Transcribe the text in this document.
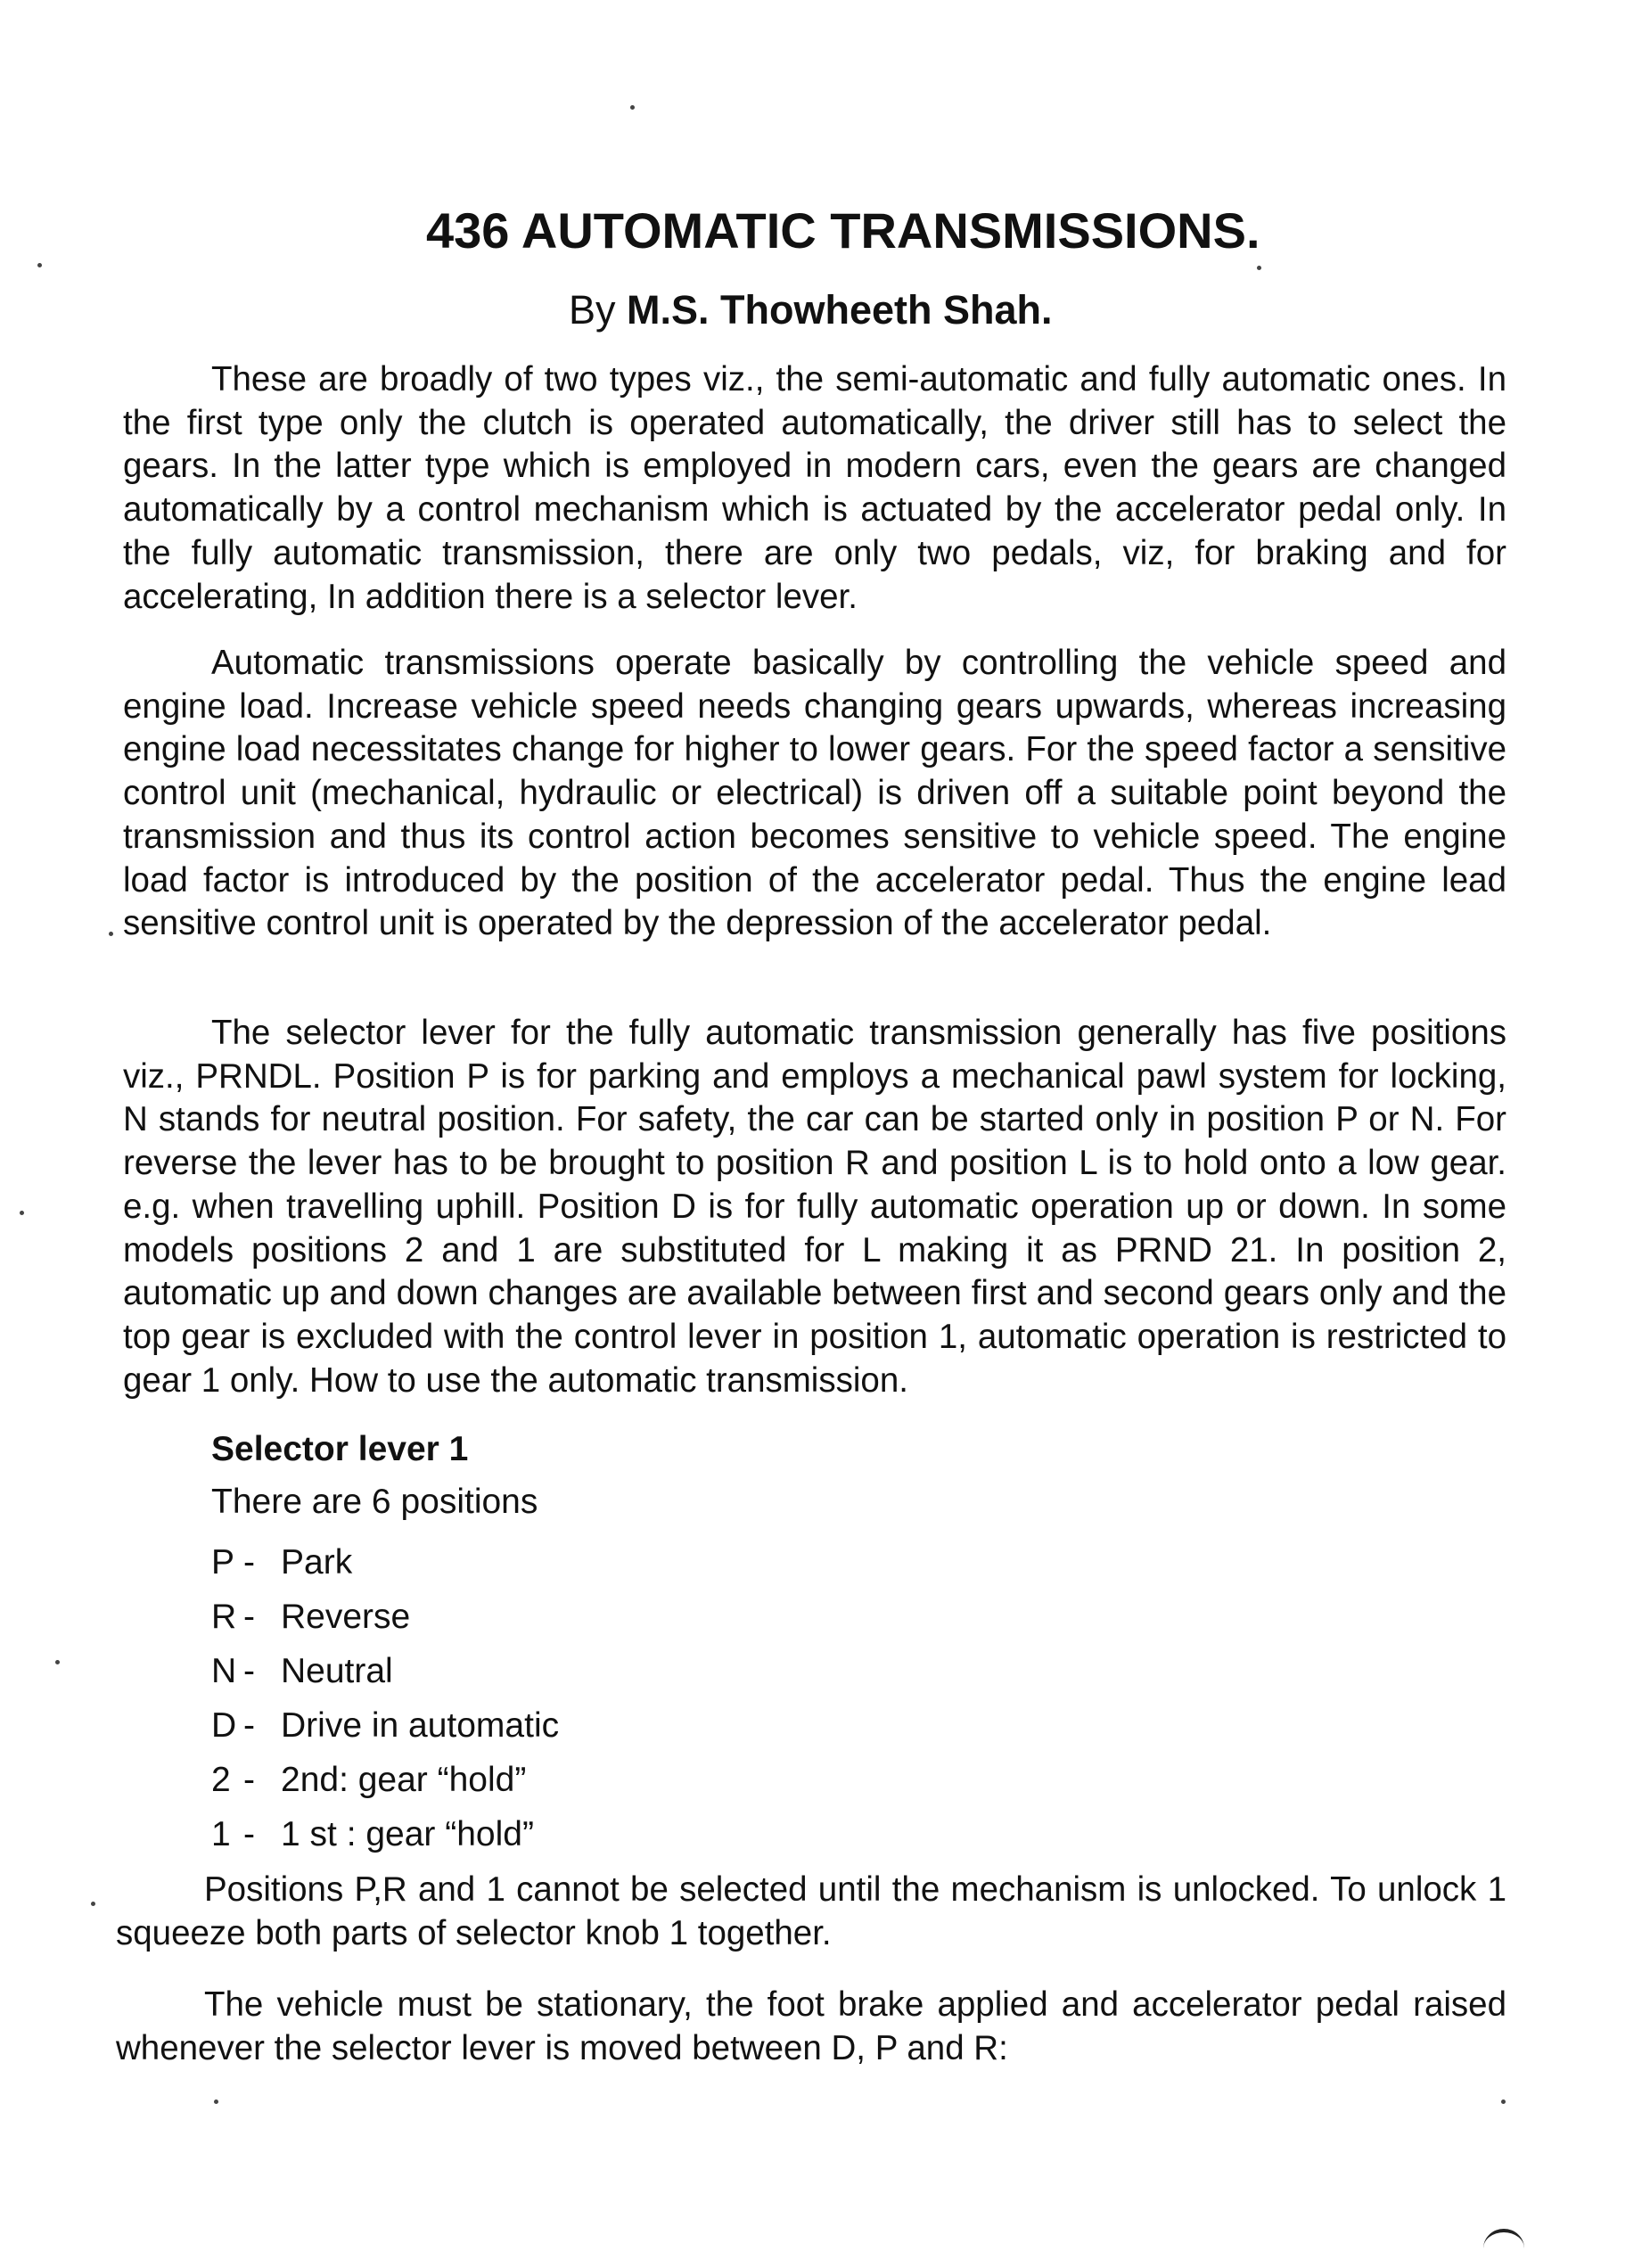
436 AUTOMATIC TRANSMISSIONS.

By M.S. Thowheeth Shah.

These are broadly of two types viz., the semi-automatic and fully automatic ones. In the first type only the clutch is operated automatically, the driver still has to select the gears. In the latter type which is employed in modern cars, even the gears are changed automatically by a control mechanism which is actuated by the accelerator pedal only. In the fully automatic transmission, there are only two pedals, viz, for braking and for accelerating, In addition there is a selector lever.

Automatic transmissions operate basically by controlling the vehicle speed and engine load. Increase vehicle speed needs changing gears upwards, whereas increasing engine load necessitates change for higher to lower gears. For the speed factor a sensitive control unit (mechanical, hydraulic or electrical) is driven off a suitable point beyond the transmission and thus its control action becomes sensitive to vehicle speed. The engine load factor is introduced by the position of the accelerator pedal. Thus the engine lead sensitive control unit is operated by the depression of the accelerator pedal.

The selector lever for the fully automatic transmission generally has five positions viz., PRNDL. Position P is for parking and employs a mechanical pawl system for locking, N stands for neutral position. For safety, the car can be started only in position P or N. For reverse the lever has to be brought to position R and position L is to hold onto a low gear. e.g. when travelling uphill. Position D is for fully automatic operation up or down. In some models positions 2 and 1 are substituted for L making it as PRND 21. In position 2, automatic up and down changes are available between first and second gears only and the top gear is excluded with the control lever in position 1, automatic operation is restricted to gear 1 only. How to use the automatic transmission.

Selector lever 1

There are 6 positions

P - Park
R - Reverse
N - Neutral
D - Drive in automatic
2 - 2nd: gear “hold”
1 - 1 st : gear “hold”

Positions P,R and 1 cannot be selected until the mechanism is unlocked. To unlock 1 squeeze both parts of selector knob 1 together.

The vehicle must be stationary, the foot brake applied and accelerator pedal raised whenever the selector lever is moved between D, P and R:
